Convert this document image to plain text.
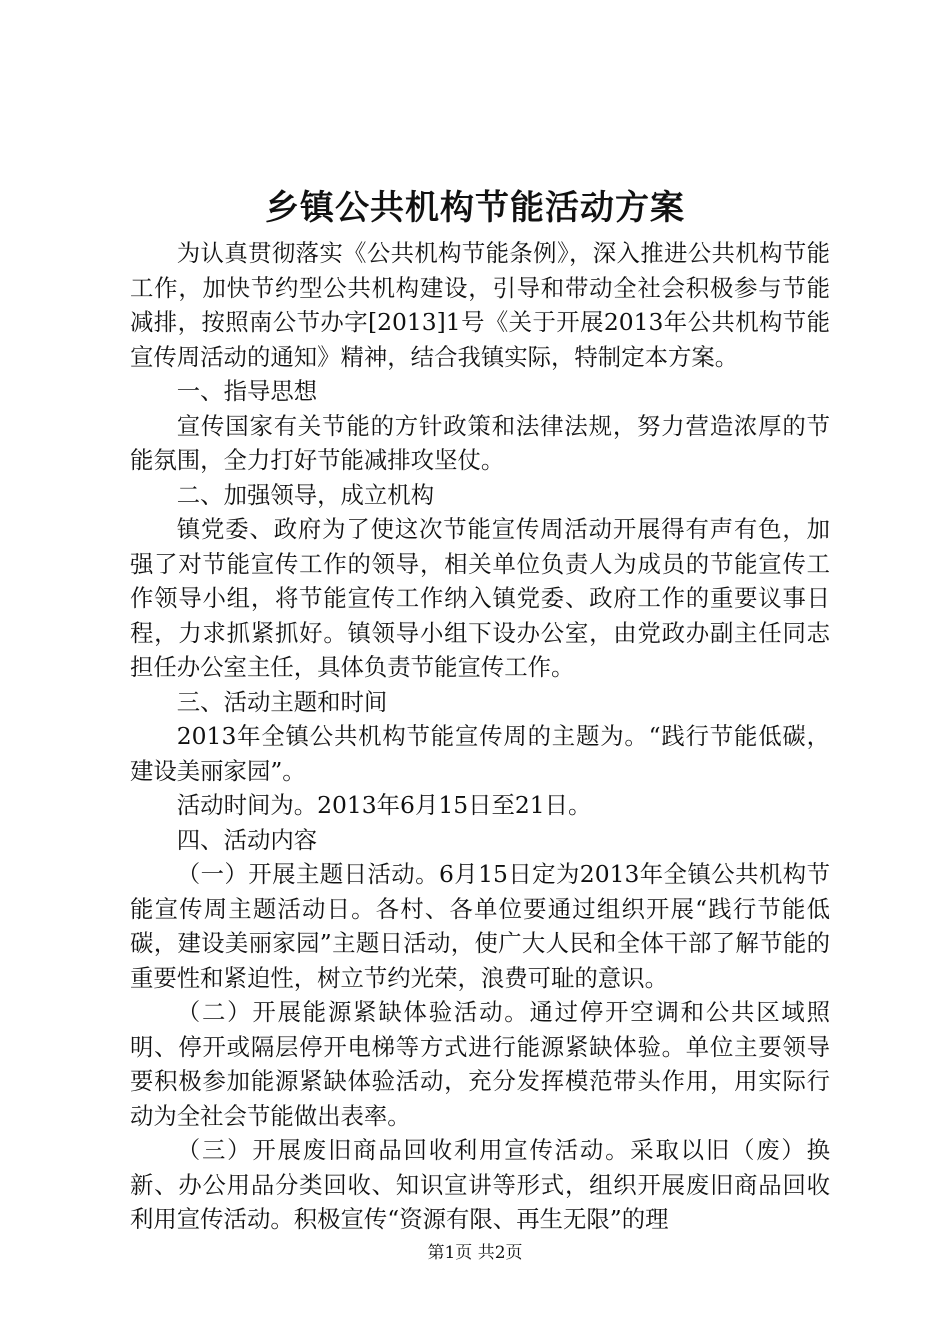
乡镇公共机构节能活动方案

为认真贯彻落实《公共机构节能条例》，深入推进公共机构节能工作，加快节约型公共机构建设，引导和带动全社会积极参与节能减排，按照南公节办字[2013]1号《关于开展2013年公共机构节能宣传周活动的通知》精神，结合我镇实际，特制定本方案。

一、指导思想

宣传国家有关节能的方针政策和法律法规，努力营造浓厚的节能氛围，全力打好节能减排攻坚仗。

二、加强领导，成立机构

镇党委、政府为了使这次节能宣传周活动开展得有声有色，加强了对节能宣传工作的领导，相关单位负责人为成员的节能宣传工作领导小组，将节能宣传工作纳入镇党委、政府工作的重要议事日程，力求抓紧抓好。镇领导小组下设办公室，由党政办副主任同志担任办公室主任，具体负责节能宣传工作。

三、活动主题和时间

2013年全镇公共机构节能宣传周的主题为。“践行节能低碳，建设美丽家园”。

活动时间为。2013年6月15日至21日。

四、活动内容

（一）开展主题日活动。6月15日定为2013年全镇公共机构节能宣传周主题活动日。各村、各单位要通过组织开展“践行节能低碳，建设美丽家园”主题日活动，使广大人民和全体干部了解节能的重要性和紧迫性，树立节约光荣，浪费可耻的意识。

（二）开展能源紧缺体验活动。通过停开空调和公共区域照明、停开或隔层停开电梯等方式进行能源紧缺体验。单位主要领导要积极参加能源紧缺体验活动，充分发挥模范带头作用，用实际行动为全社会节能做出表率。

（三）开展废旧商品回收利用宣传活动。采取以旧（废）换新、办公用品分类回收、知识宣讲等形式，组织开展废旧商品回收利用宣传活动。积极宣传“资源有限、再生无限”的理

第1页 共2页
